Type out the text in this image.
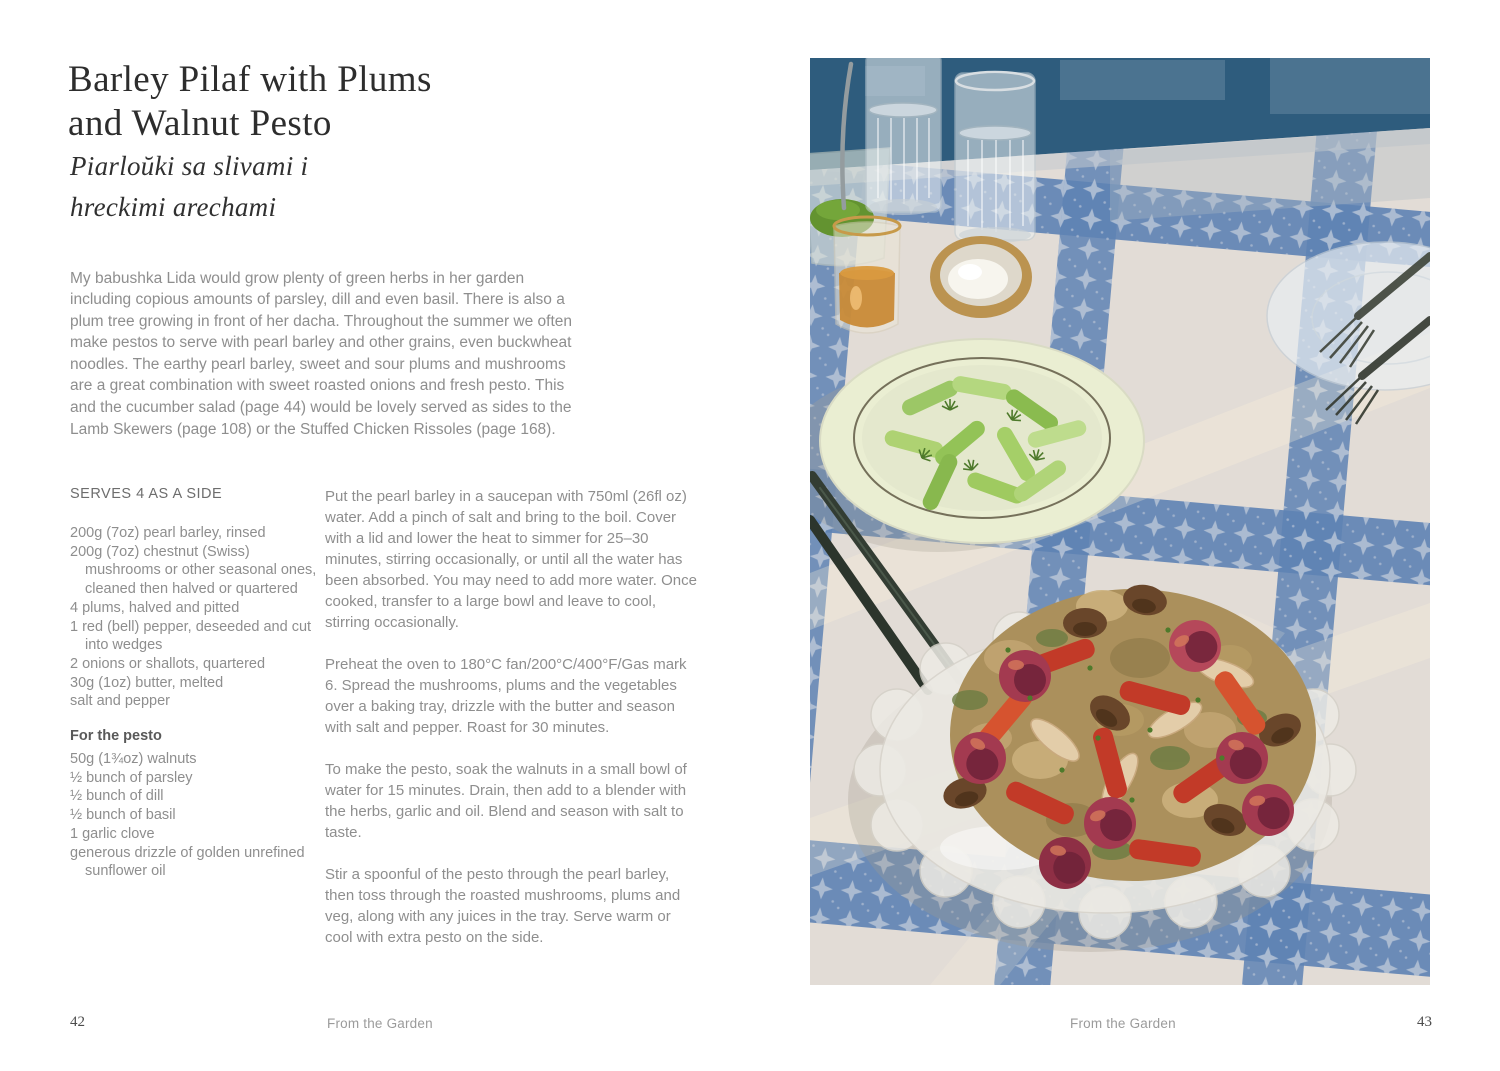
Barley Pilaf with Plums
and Walnut Pesto
Piarloŭki sa slivami i
hreckimi arechami

My babushka Lida would grow plenty of green herbs in her garden including copious amounts of parsley, dill and even basil. There is also a plum tree growing in front of her dacha. Throughout the summer we often make pestos to serve with pearl barley and other grains, even buckwheat noodles. The earthy pearl barley, sweet and sour plums and mushrooms are a great combination with sweet roasted onions and fresh pesto. This and the cucumber salad (page 44) would be lovely served as sides to the Lamb Skewers (page 108) or the Stuffed Chicken Rissoles (page 168).

SERVES 4 AS A SIDE
200g (7oz) pearl barley, rinsed
200g (7oz) chestnut (Swiss) mushrooms or other seasonal ones, cleaned then halved or quartered
4 plums, halved and pitted
1 red (bell) pepper, deseeded and cut into wedges
2 onions or shallots, quartered
30g (1oz) butter, melted
salt and pepper
For the pesto
50g (1¾oz) walnuts
½ bunch of parsley
½ bunch of dill
½ bunch of basil
1 garlic clove
generous drizzle of golden unrefined sunflower oil

Put the pearl barley in a saucepan with 750ml (26fl oz) water. Add a pinch of salt and bring to the boil. Cover with a lid and lower the heat to simmer for 25–30 minutes, stirring occasionally, or until all the water has been absorbed. You may need to add more water. Once cooked, transfer to a large bowl and leave to cool, stirring occasionally.

Preheat the oven to 180°C fan/200°C/400°F/Gas mark 6. Spread the mushrooms, plums and the vegetables over a baking tray, drizzle with the butter and season with salt and pepper. Roast for 30 minutes.

To make the pesto, soak the walnuts in a small bowl of water for 15 minutes. Drain, then add to a blender with the herbs, garlic and oil. Blend and season with salt to taste.

Stir a spoonful of the pesto through the pearl barley, then toss through the roasted mushrooms, plums and veg, along with any juices in the tray. Serve warm or cool with extra pesto on the side.

42	From the Garden	From the Garden	43
